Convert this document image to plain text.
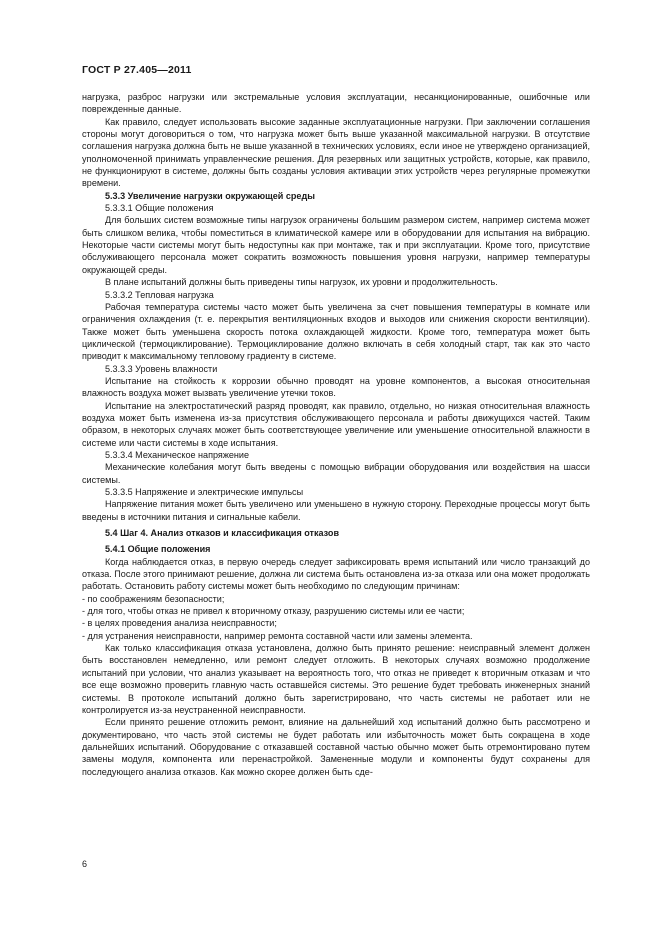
ГОСТ Р 27.405—2011

нагрузка, разброс нагрузки или экстремальные условия эксплуатации, несанкционированные, ошибочные или поврежденные данные.

Как правило, следует использовать высокие заданные эксплуатационные нагрузки. При заключении соглашения стороны могут договориться о том, что нагрузка может быть выше указанной максимальной нагрузки. В отсутствие соглашения нагрузка должна быть не выше указанной в технических условиях, если иное не утверждено организацией, уполномоченной принимать управленческие решения. Для резервных или защитных устройств, которые, как правило, не функционируют в системе, должны быть созданы условия активации этих устройств через регулярные промежутки времени.

5.3.3 Увеличение нагрузки окружающей среды

5.3.3.1 Общие положения

Для больших систем возможные типы нагрузок ограничены большим размером систем, например система может быть слишком велика, чтобы поместиться в климатической камере или в оборудовании для испытания на вибрацию. Некоторые части системы могут быть недоступны как при монтаже, так и при эксплуатации. Кроме того, присутствие обслуживающего персонала может сократить возможность повышения уровня нагрузки, например температуры окружающей среды.

В плане испытаний должны быть приведены типы нагрузок, их уровни и продолжительность.

5.3.3.2 Тепловая нагрузка

Рабочая температура системы часто может быть увеличена за счет повышения температуры в комнате или ограничения охлаждения (т. е. перекрытия вентиляционных входов и выходов или снижения скорости вентиляции). Также может быть уменьшена скорость потока охлаждающей жидкости. Кроме того, температура может быть циклической (термоциклирование). Термоциклирование должно включать в себя холодный старт, так как это часто приводит к максимальному тепловому градиенту в системе.

5.3.3.3 Уровень влажности

Испытание на стойкость к коррозии обычно проводят на уровне компонентов, а высокая относительная влажность воздуха может вызвать увеличение утечки токов.

Испытание на электростатический разряд проводят, как правило, отдельно, но низкая относительная влажность воздуха может быть изменена из-за присутствия обслуживающего персонала и работы движущихся частей. Таким образом, в некоторых случаях может быть соответствующее увеличение или уменьшение относительной влажности в системе или части системы в ходе испытания.

5.3.3.4 Механическое напряжение

Механические колебания могут быть введены с помощью вибрации оборудования или воздействия на шасси системы.

5.3.3.5 Напряжение и электрические импульсы

Напряжение питания может быть увеличено или уменьшено в нужную сторону. Переходные процессы могут быть введены в источники питания и сигнальные кабели.

5.4 Шаг 4. Анализ отказов и классификация отказов

5.4.1 Общие положения

Когда наблюдается отказ, в первую очередь следует зафиксировать время испытаний или число транзакций до отказа. После этого принимают решение, должна ли система быть остановлена из-за отказа или она может продолжать работать. Остановить работу системы может быть необходимо по следующим причинам:

- по соображениям безопасности;

- для того, чтобы отказ не привел к вторичному отказу, разрушению системы или ее части;

- в целях проведения анализа неисправности;

- для устранения неисправности, например ремонта составной части или замены элемента.

Как только классификация отказа установлена, должно быть принято решение: неисправный элемент должен быть восстановлен немедленно, или ремонт следует отложить. В некоторых случаях возможно продолжение испытаний при условии, что анализ указывает на вероятность того, что отказ не приведет к вторичным отказам и что все еще возможно проверить главную часть оставшейся системы. Это решение будет требовать инженерных знаний системы. В протоколе испытаний должно быть зарегистрировано, что часть системы не работает или не контролируется из-за неустраненной неисправности.

Если принято решение отложить ремонт, влияние на дальнейший ход испытаний должно быть рассмотрено и документировано, что часть этой системы не будет работать или избыточность может быть сокращена в ходе дальнейших испытаний. Оборудование с отказавшей составной частью обычно может быть отремонтировано путем замены модуля, компонента или перенастройкой. Замененные модули и компоненты будут сохранены для последующего анализа отказов. Как можно скорее должен быть сде-

6
